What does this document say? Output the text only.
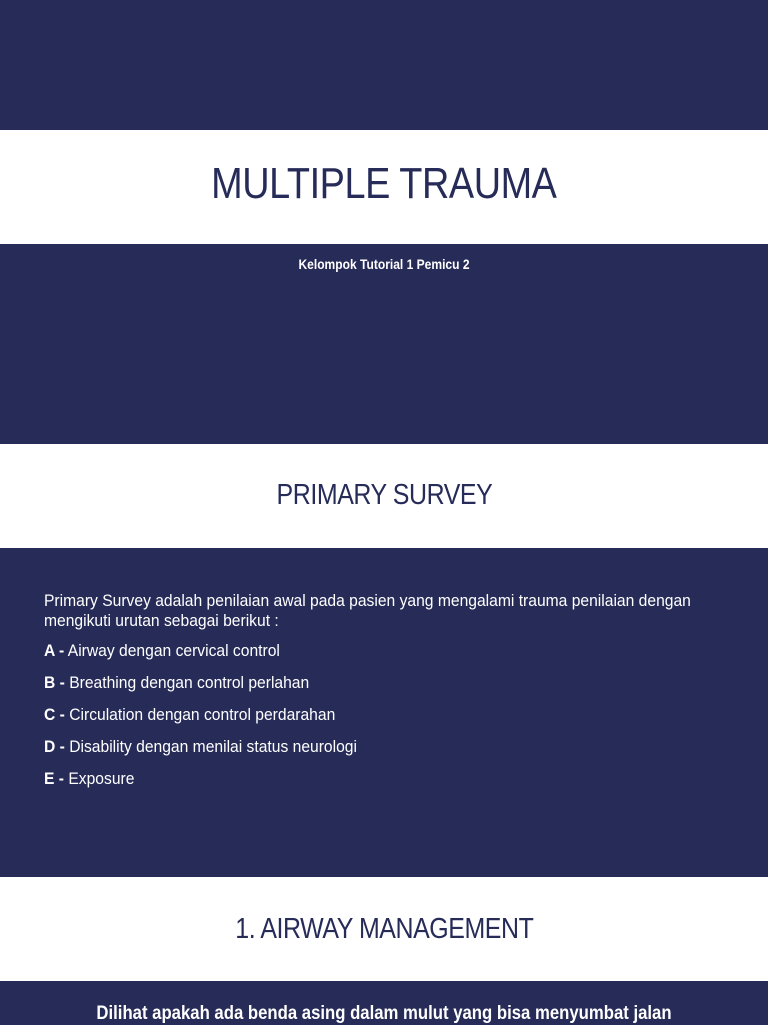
MULTIPLE TRAUMA
Kelompok Tutorial 1 Pemicu 2
PRIMARY SURVEY

Primary Survey adalah penilaian awal pada pasien yang mengalami trauma penilaian dengan mengikuti urutan sebagai berikut :

A - Airway dengan cervical control
B - Breathing dengan control perlahan
C - Circulation dengan control perdarahan
D - Disability dengan menilai status neurologi
E - Exposure
1. AIRWAY MANAGEMENT
Dilihat apakah ada benda asing dalam mulut yang bisa menyumbat jalan
